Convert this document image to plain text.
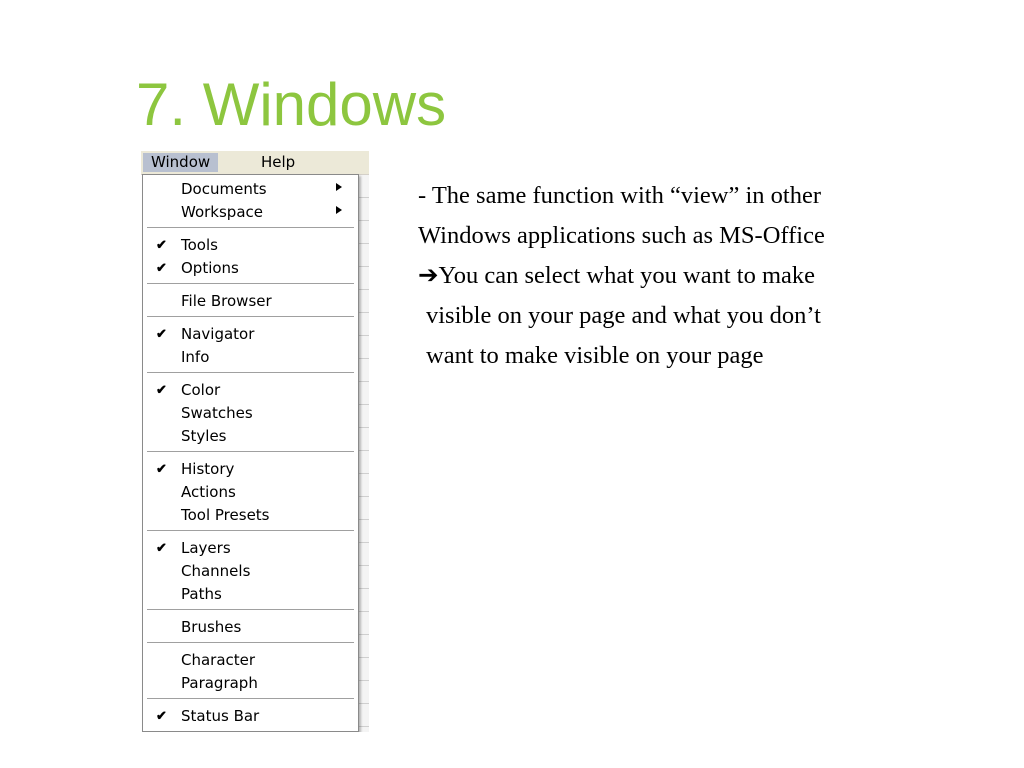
7. Windows
Window	Help
Documents
Workspace
✔ Tools
✔ Options
File Browser
✔ Navigator
Info
✔ Color
Swatches
Styles
✔ History
Actions
Tool Presets
✔ Layers
Channels
Paths
Brushes
Character
Paragraph
✔ Status Bar

- The same function with “view” in other

Windows applications such as MS-Office

➔You can select what you want to make

visible on your page and what you don’t

want to make visible on your page
